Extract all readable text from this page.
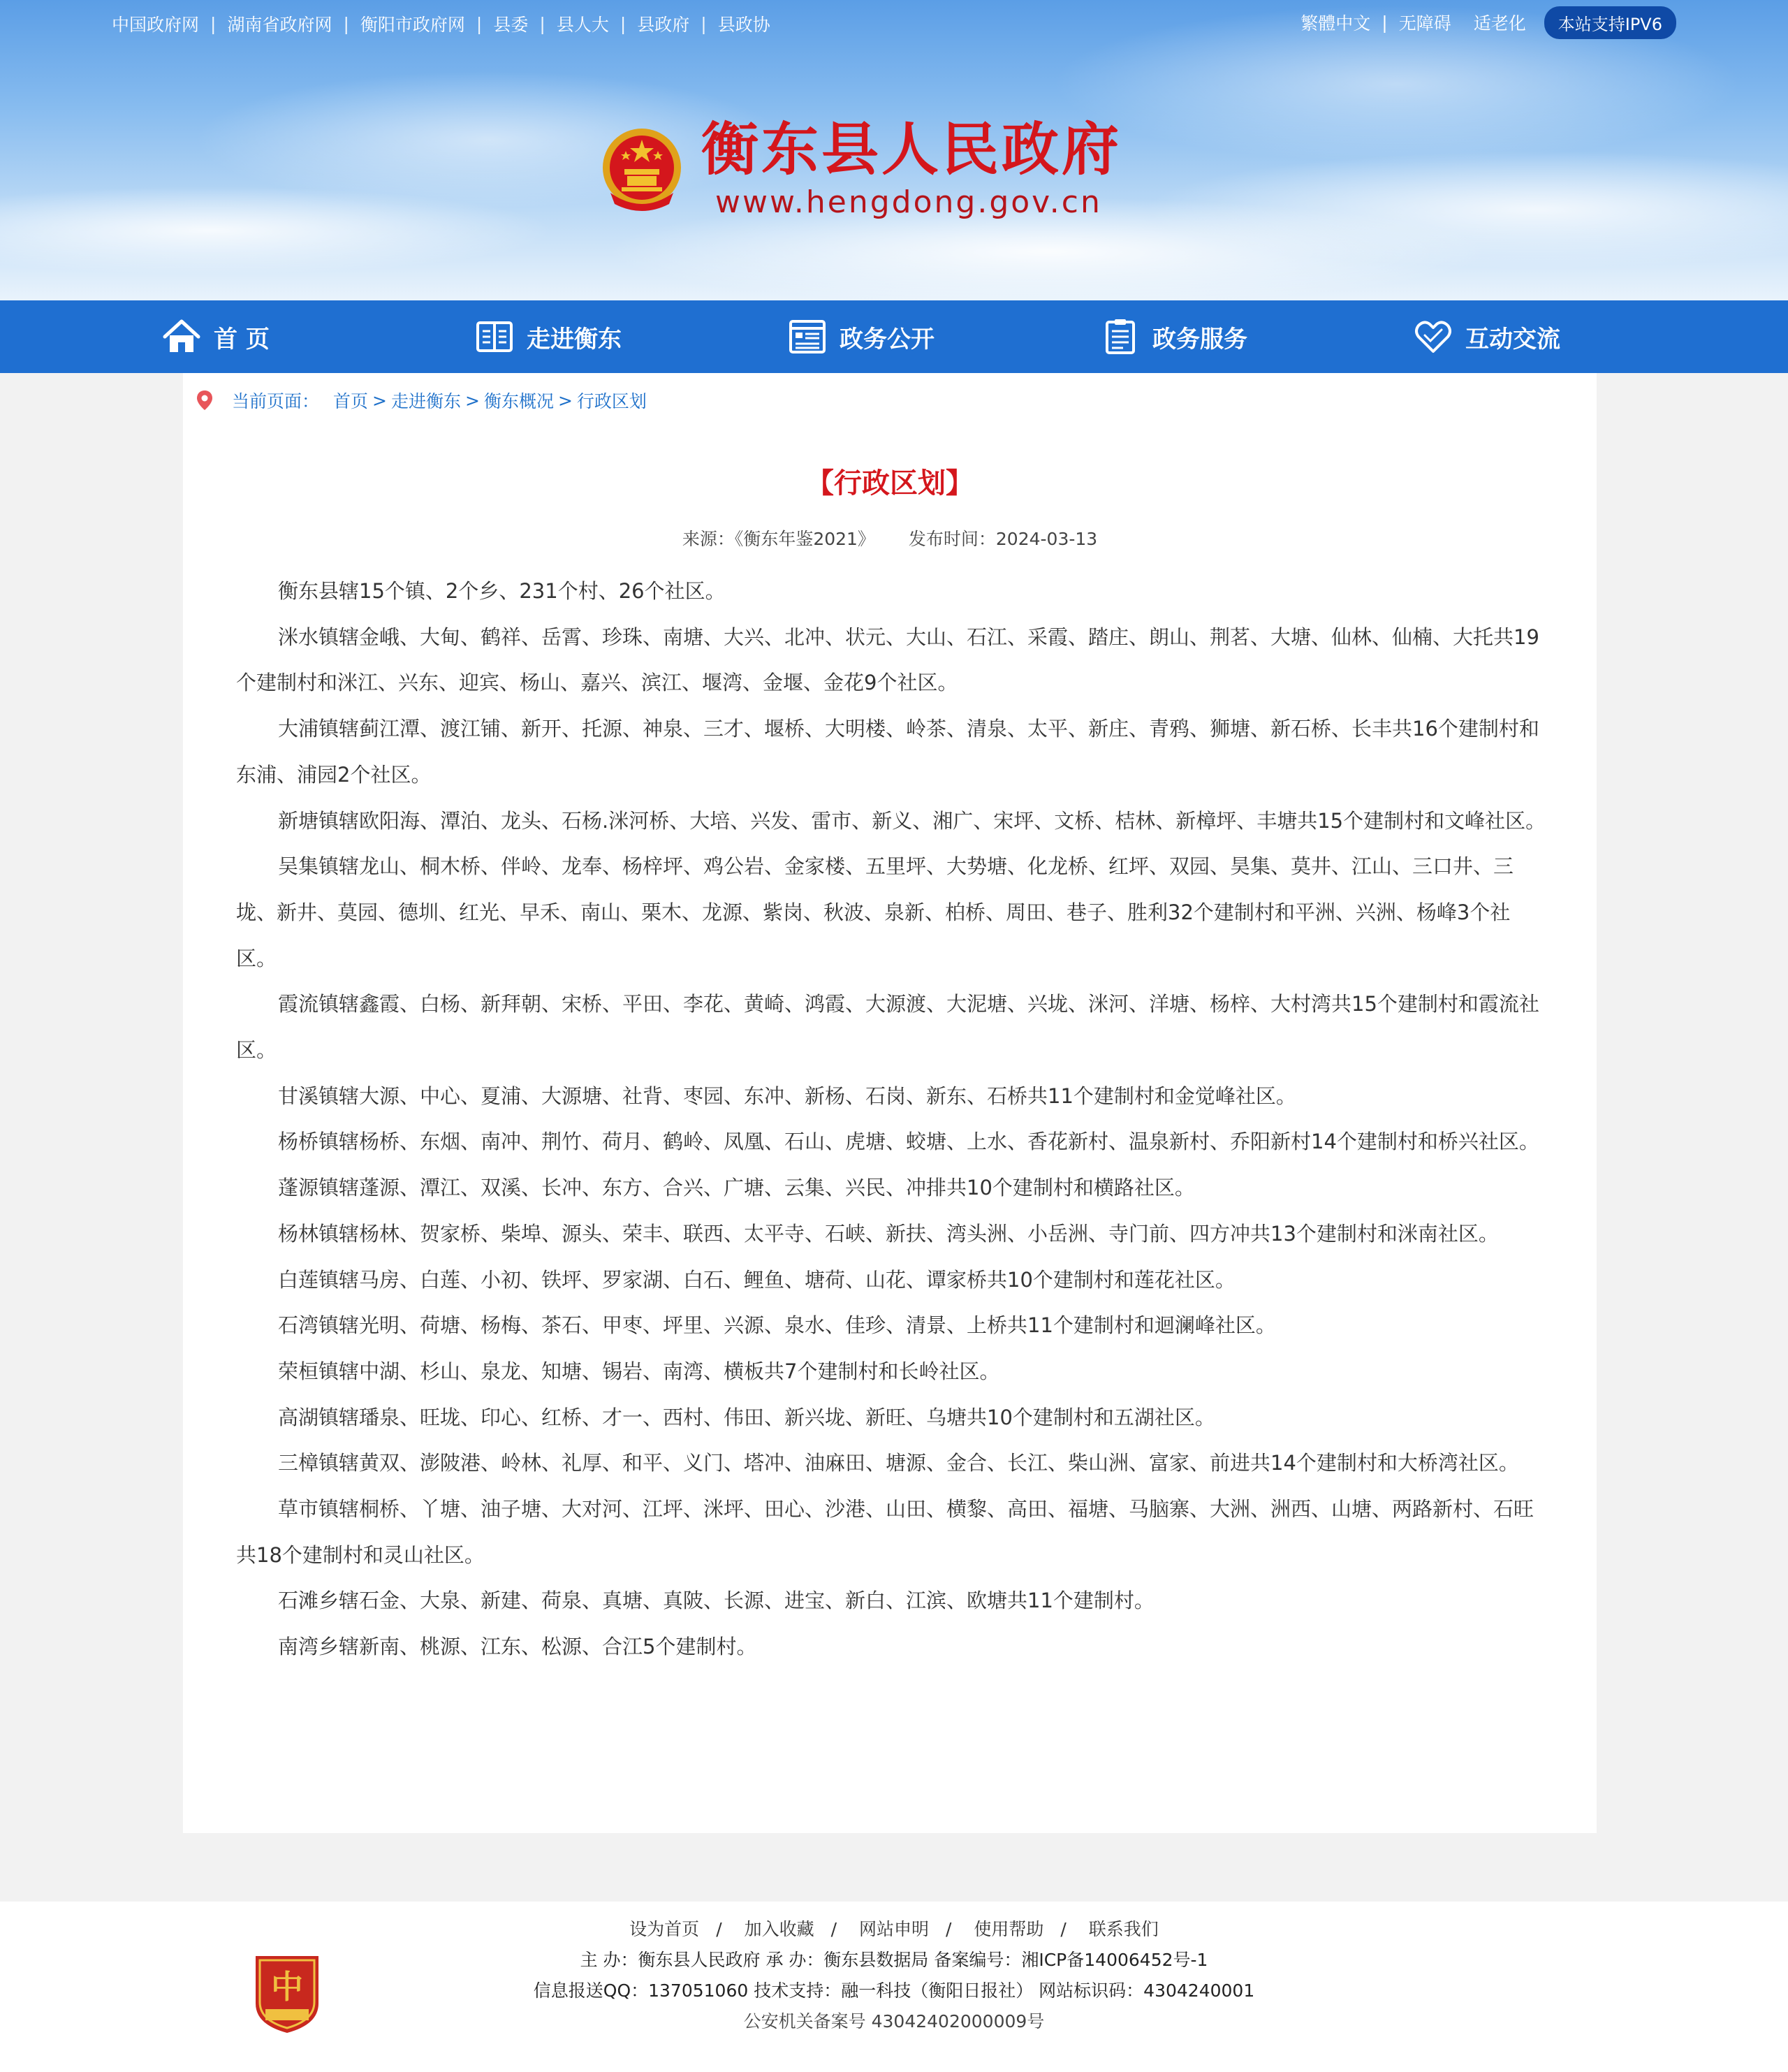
中国政府网 | 湖南省政府网 | 衡阳市政府网 | 县委 | 县人大 | 县政府 | 县政协	繁體中文 | 无障碍 适老化	本站支持IPV6
衡东县人民政府
www.hengdong.gov.cn
首 页	走进衡东	政务公开	政务服务	互动交流
当前页面： 首页 > 走进衡东 > 衡东概况 > 行政区划
【行政区划】
来源：《衡东年鉴2021》 发布时间：2024-03-13

衡东县辖15个镇、2个乡、231个村、26个社区。

洣水镇辖金峨、大甸、鹤祥、岳霄、珍珠、南塘、大兴、北冲、状元、大山、石江、采霞、踏庄、朗山、荆茗、大塘、仙林、仙楠、大托共19个建制村和洣江、兴东、迎宾、杨山、嘉兴、滨江、堰湾、金堰、金花9个社区。

大浦镇辖蓟江潭、渡江铺、新开、托源、神泉、三才、堰桥、大明楼、岭茶、清泉、太平、新庄、青鸦、狮塘、新石桥、长丰共16个建制村和东浦、浦园2个社区。

新塘镇辖欧阳海、潭泊、龙头、石杨.洣河桥、大培、兴发、雷市、新义、湘广、宋坪、文桥、桔林、新樟坪、丰塘共15个建制村和文峰社区。

吴集镇辖龙山、桐木桥、伴岭、龙奉、杨梓坪、鸡公岩、金家楼、五里坪、大势塘、化龙桥、红坪、双园、昊集、莫井、江山、三口井、三垅、新井、莫园、德圳、红光、早禾、南山、栗木、龙源、紫岗、秋波、泉新、柏桥、周田、巷子、胜利32个建制村和平洲、兴洲、杨峰3个社区。

霞流镇辖鑫霞、白杨、新拜朝、宋桥、平田、李花、黄崎、鸿霞、大源渡、大泥塘、兴垅、洣河、洋塘、杨梓、大村湾共15个建制村和霞流社区。

甘溪镇辖大源、中心、夏浦、大源塘、社背、枣园、东冲、新杨、石岗、新东、石桥共11个建制村和金觉峰社区。

杨桥镇辖杨桥、东烟、南冲、荆竹、荷月、鹤岭、凤凰、石山、虎塘、蛟塘、上水、香花新村、温泉新村、乔阳新村14个建制村和桥兴社区。

蓬源镇辖蓬源、潭江、双溪、长冲、东方、合兴、广塘、云集、兴民、冲排共10个建制村和横路社区。

杨林镇辖杨林、贺家桥、柴埠、源头、荣丰、联西、太平寺、石峡、新扶、湾头洲、小岳洲、寺门前、四方冲共13个建制村和洣南社区。

白莲镇辖马房、白莲、小初、铁坪、罗家湖、白石、鲤鱼、塘荷、山花、谭家桥共10个建制村和莲花社区。

石湾镇辖光明、荷塘、杨梅、茶石、甲枣、坪里、兴源、泉水、佳珍、清景、上桥共11个建制村和迴澜峰社区。

荣桓镇辖中湖、杉山、泉龙、知塘、锡岩、南湾、横板共7个建制村和长岭社区。

高湖镇辖璠泉、旺垅、印心、红桥、才一、西村、伟田、新兴垅、新旺、乌塘共10个建制村和五湖社区。

三樟镇辖黄双、澎陂港、岭林、礼厚、和平、义门、塔冲、油麻田、塘源、金合、长江、柴山洲、富家、前进共14个建制村和大桥湾社区。

草市镇辖桐桥、丫塘、油子塘、大对河、江坪、洣坪、田心、沙港、山田、横黎、高田、福塘、马脑寨、大洲、洲西、山塘、两路新村、石旺共18个建制村和灵山社区。

石滩乡辖石金、大泉、新建、荷泉、真塘、真陂、长源、进宝、新白、江滨、欧塘共11个建制村。

南湾乡辖新南、桃源、江东、松源、合江5个建制村。

中
设为首页 / 加入收藏 / 网站申明 / 使用帮助 / 联系我们
主 办：衡东县人民政府 承 办：衡东县数据局 备案编号：湘ICP备14006452号-1
信息报送QQ：137051060 技术支持：融一科技（衡阳日报社） 网站标识码：4304240001
公安机关备案号 43042402000009号
